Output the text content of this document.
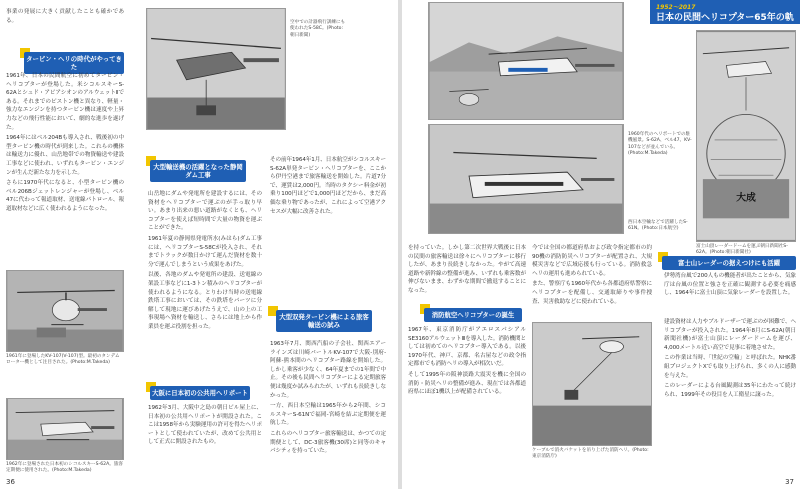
事業の発展に大きく貢献したことも確かである。

タービン・ヘリの時代がやってきた

1961年、日本の民間航空に初めてタービン・ヘリコプターが登場した。米シコルスキーS-62Aとシュド・アビアシオンのアルウェットⅡである。それまでのピストン機と異なり、軽量・強力なエンジンを持つタービン機は速度や上昇力などの飛行性能において、劇的な進歩を遂げた。

1964年にはベル204Bも導入され、戦後初の中型タービン機の時代が到来した。これらの機体は輸送力に優れ、山岳地帯での物資輸送や建設工事などに使われ、いずれもタービン・エンジンが生んだ新たな力を示した。

さらに1970年代になると、小型タービン機のベル206Bジェットレンジャーが登場し、ベル47に代わって報道取材、送電線パトロール、報道取材などに広く使われるようになった。

1961年に登場したKV-107(V-107)型。最初のタンデムローター機として注目された。(Photo:M.Takeda)
1962年に登場された日本初のシコルスキーS-62A。旅客定期便に使用された。(Photo:M.Takeda)
空中での計器飛行訓練にも使われたS-58C。(Photo:朝日新聞)
大型輸送機の活躍となった静岡ダム工事

山岳地にダムや発電所を建設するには、その資材をヘリコプターで運ぶのが手っ取り早い。あまり出来の悪い道路がなくとも、ヘリコプターを使えば短時間で大量の物資を運ぶことができた。

1961年夏の静岡県発電所水(みはら)ダム工事には、ヘリコプターS-58Cが投入され、それまでトラックが数日かけて運んだ資材を数十分で運んでしまうという成果をあげた。

以後、各地のダムや発電所の建設、送電線の架設工事などに1-3トン積みのヘリコプターが使われるようになる。とりわけ当時の送電線鉄塔工事においては、その鉄塔をパーツに分解して現地に運びあげたうえで、山の上の工事現場へ資材を輸送し、さらには地上から作業員を運ぶ役割を担った。

大阪に日本初の公共用ヘリポート

1962年3月、大阪中之島の朝日ビル屋上に、日本初の公共用ヘリポートが開設された。ここは1958年から実験運用の許可を得たヘリポートとして使われていたが、改めて公共用として正式に開設されたもの。

その前年1964年1月、日本航空がシコルスキーS-62A単発タービン・ヘリコプターを、ここから伊丹空港まで旅客輸送を開始した。片道7分で、運賃は2,000円。当時のタクシー料金が初乗り100円ほどで1,000円ほどだから、まだ高価な乗り物であったが、これによって空港アクセスが大幅に改善された。

大型双発タービン機による旅客輸送の試み

1963年7月、関西汽船の子会社、関西エアーラインズは川崎バートルKV-107で大阪-別府-阿蘇-熊本間のヘリコプター路線を開始した。しかし乗客が少なく、64年夏までの1年間で中止。その後も民間ヘリコプターによる定期旅客便は幾度か試みられたが、いずれも長続きしなかった。

一方、西日本空輸は1965年から2年間、シコルスキーS-61Nで福岡-宮崎を結ぶ定期便を運航した。

これらのヘリコプター旅客輸送は、かつての定期便として、DC-3旅客機(30席)と同等のキャパシティを持っていた。

36
1952〜2017
日本の民間ヘリコプター65年の軌跡
1960年代のヘリポートでの駐機風景。S-62A、ベル47、KV-107などが並んでいる。(Photo:M.Takeda)
西日本空輸などで活躍したS-61N。(Photo:日本航空)
大成
富士山頂レーダードームを運ぶ朝日新聞社S-62A。(Photo:朝日新聞社)

を持っていた。しかし第二次世界大戦後に日本の民間の旅客輸送は徐々にヘリコプターに移行したが、あまり長続きしなかった。やがて高速道路や新幹線の整備が進み、いずれも乗客数が伸びないまま、わずかな期間で撤退することになった。

消防航空ヘリコプターの誕生

1967年、東京消防庁がアエロスパシアルSE3160アルウェットⅢを導入した。消防機関としては初めてのヘリコプター導入である。以後1970年代、神戸、京都、名古屋などの政令指定都市でも消防ヘリの導入が相次いだ。

そして1995年の阪神淡路大震災を機に全国の消防・防災ヘリの整備が進み、現在では各都道府県にほぼ1機以上が配備されている。

今では全国の都道府県および政令指定都市の約90機の消防防災ヘリコプターが配置され、大規模災害などで広域応援も行っている。消防救急ヘリの運用も進められている。

また、警察庁も1960年代から各都道府県警察にヘリコプターを配備し、交通取締りや事件捜査、災害救助などに使われている。

ケーブルで消火バケットを吊り上げた消防ヘリ。(Photo:東京消防庁)

伊勢湾台風で200人もの機能者が出たことから、気象庁は台風の位置と強さを正確に観測する必要を痛感し、1964年に富士山頂に気象レーダーを設置した。

富士山レーダーの据えつけにも活躍

建設資材は人力やブルドーザーで運ぶのが困難で、ヘリコプターが投入された。1964年8月にS-62A(朝日新聞社機)が富士山頂にレーダードームを運び、4,000メートル近い高空で見事に着地させた。

この作業は当時、「世紀の空輸」と呼ばれた。NHK番組プロジェクトXでも取り上げられ、多くの人に感動を与えた。

このレーダーによる台風観測は35年にわたって続けられ、1999年その役目を人工衛星に譲った。

37
